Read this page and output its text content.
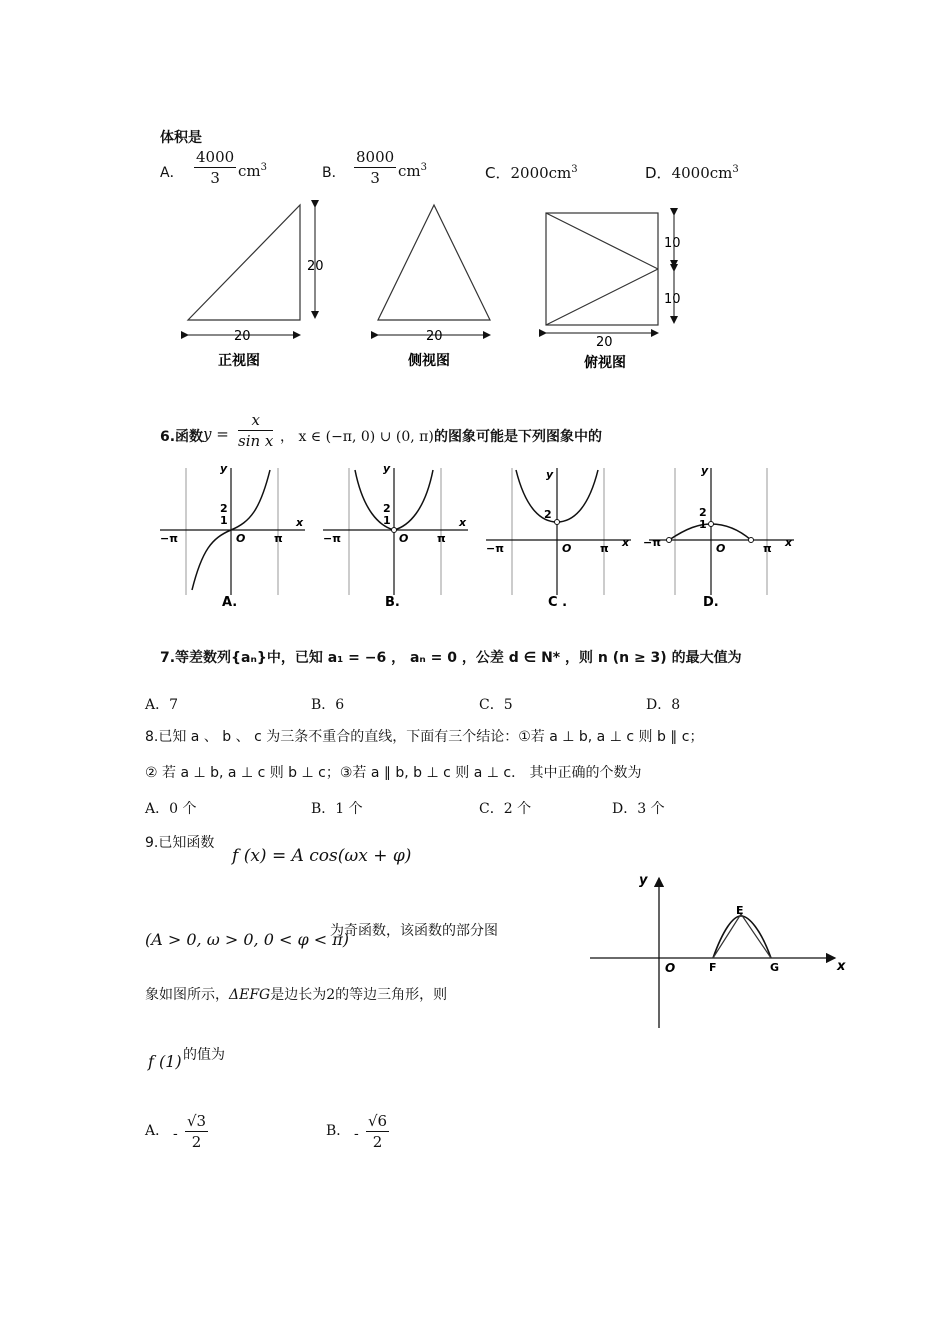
体积是
A． $\frac{4000}{3} cm^3$	B． $\frac{8000}{3} cm^3$	C．$2000cm^3$	D．$4000cm^3$
20
20
正视图
20
侧视图
10
10
20
俯视图
6.函数 $y = \frac{x}{\text{sin x}}$ ， x ∈ (−π, 0) ∪ (0, π) 的图象可能是下列图象中的
y
x
O
−π	π
2
1
A.
y
x
O
−π	π
2
1
B.
y
x
O
−π	π
2
C .
y
x
O
−π	π
2
1
D.
7.等差数列{aₙ}中，已知 a₁ = −6 ， aₙ = 0 ，公差 d ∈ N* ，则 n (n ≥ 3) 的最大值为
A．7	B．6	C．5	D．8
8.已知 a 、 b 、 c 为三条不重合的直线，下面有三个结论：①若 a ⊥ b, a ⊥ c 则 b ∥ c；
② 若 a ⊥ b, a ⊥ c 则 b ⊥ c；③若 a ∥ b, b ⊥ c 则 a ⊥ c． 其中正确的个数为
A．0 个	B．1 个	C．2 个	D．3 个
9.已知函数
f (x) = A cos(ωx + φ)
(A > 0, ω > 0, 0 < φ < π)
为奇函数，该函数的部分图
象如图所示，ΔEFG是边长为2的等边三角形，则
f (1) 的值为
y
x
O
E
F	G
A． - $\frac{√3}{2}$	B． - $\frac{√6}{2}$
